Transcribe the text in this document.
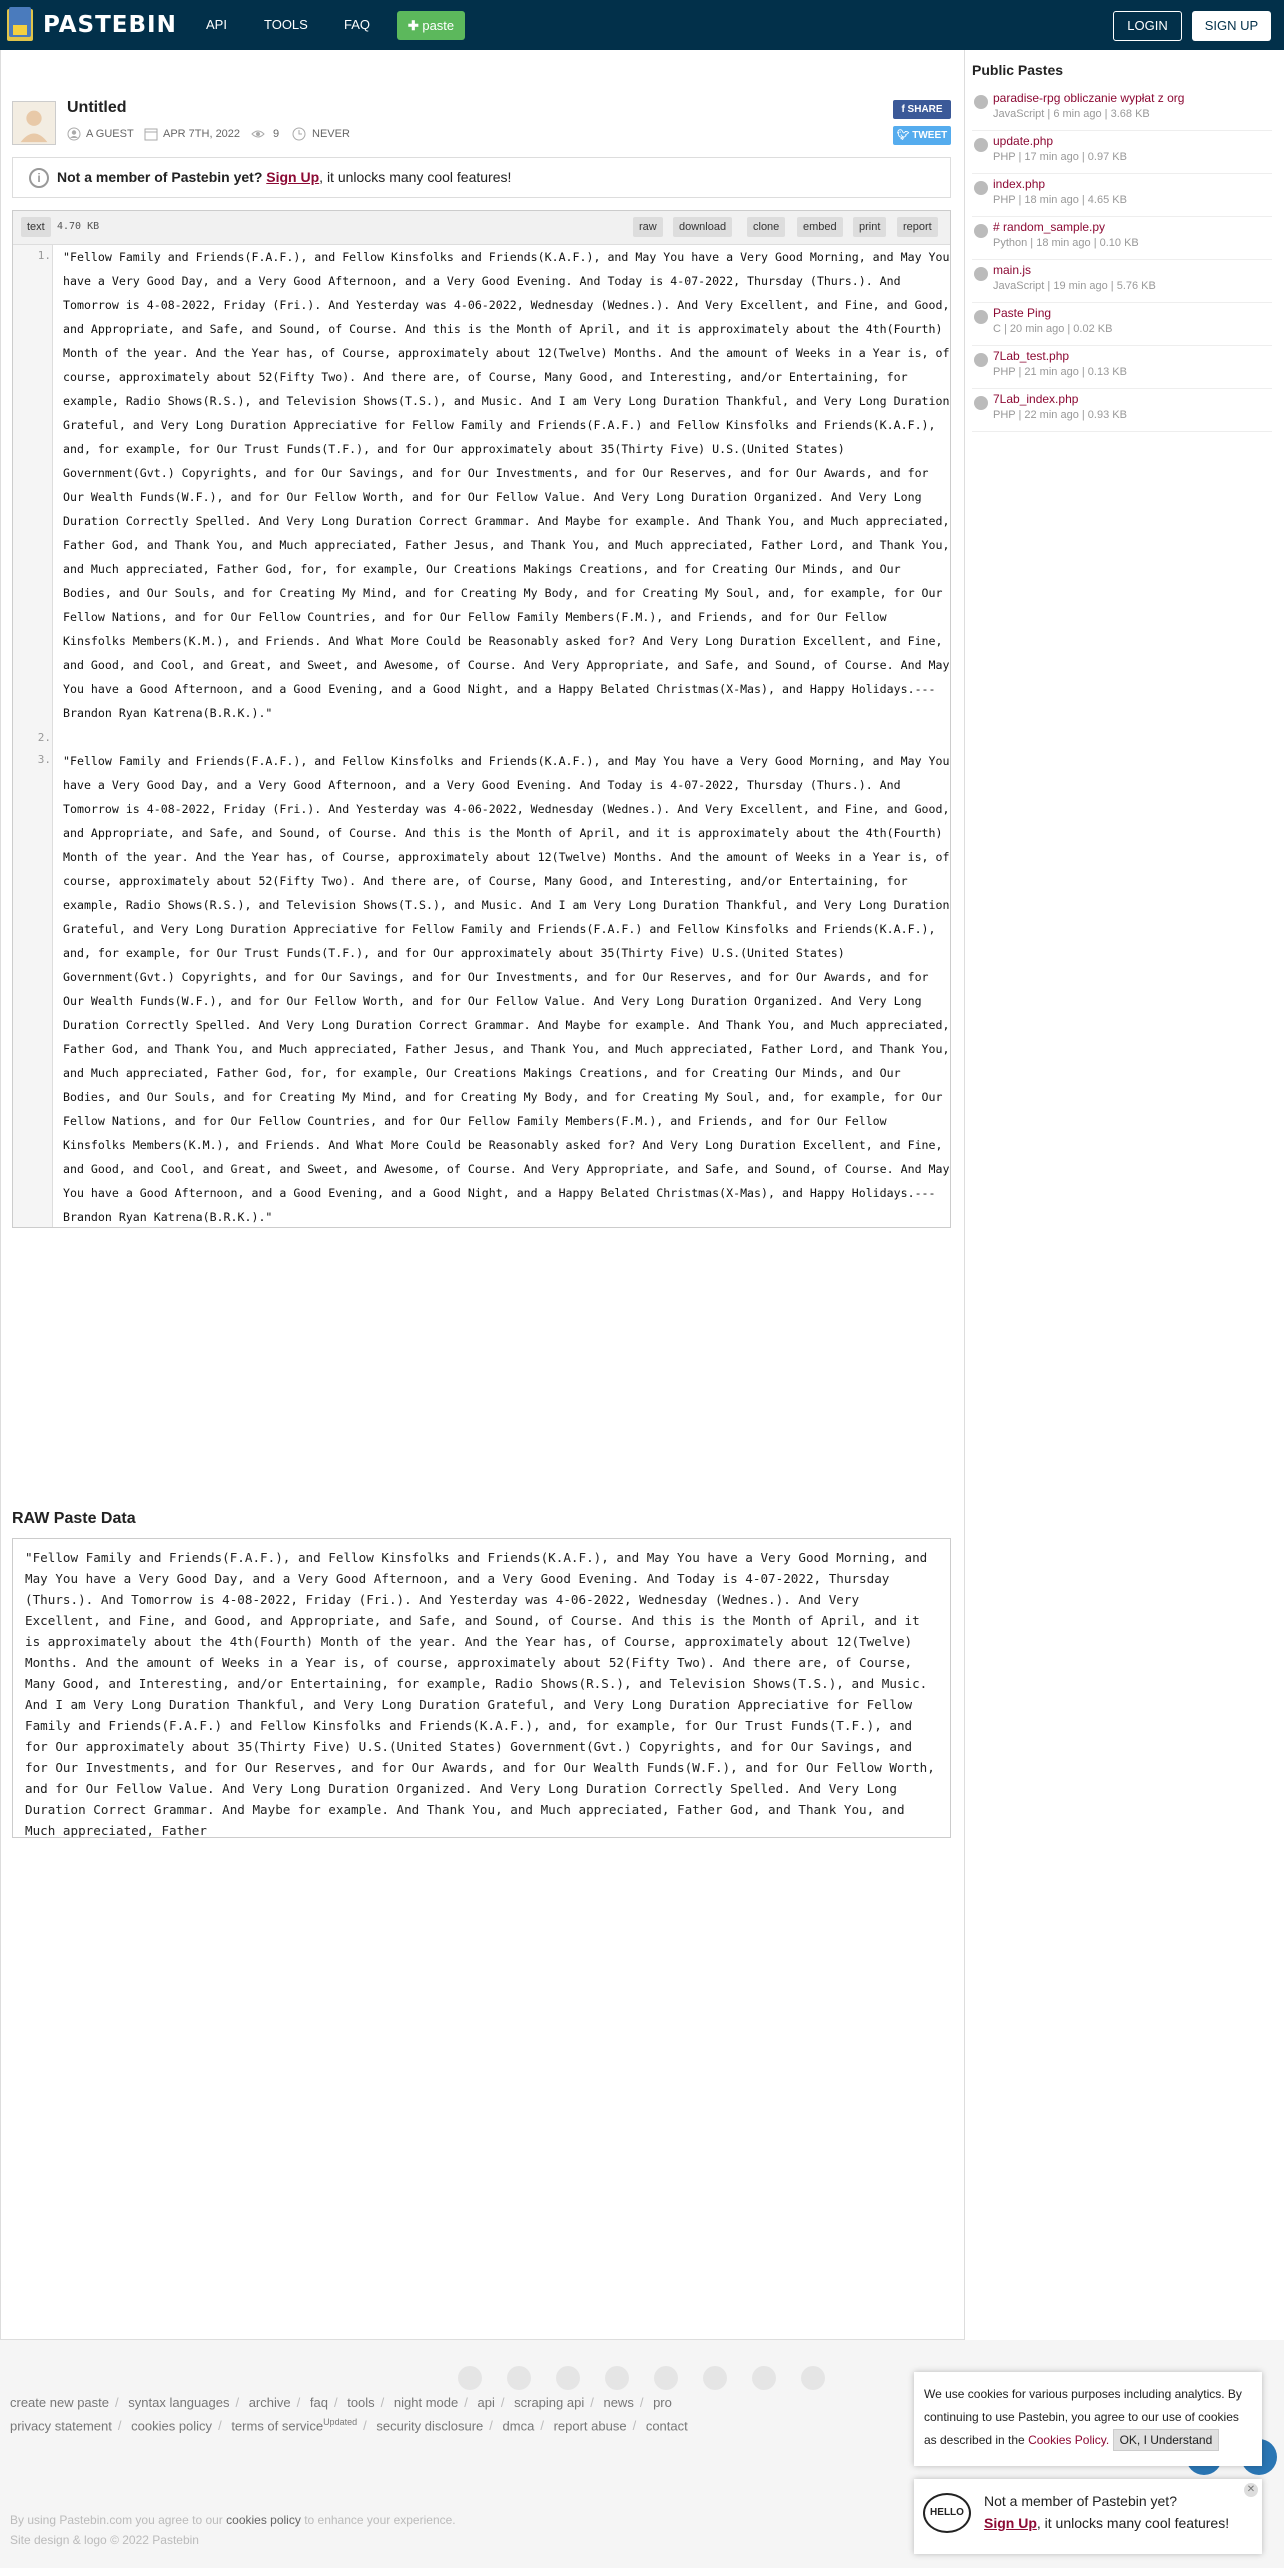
PASTEBIN API	TOOLS	FAQ	✚ paste	LOGIN	SIGN UP
Untitled
A GUEST	APR 7TH, 2022	9	NEVER
f SHARE
🐦︎ TWEET
i	Not a member of Pastebin yet? Sign Up, it unlocks many cool features!
text	4.70 KB	raw	download	clone	embed	print	report
1.
2.
3.
"Fellow Family and Friends(F.A.F.), and Fellow Kinsfolks and Friends(K.A.F.), and May You have a Very Good Morning, and May You have a Very Good Day, and a Very Good Afternoon, and a Very Good Evening. And Today is 4-07-2022, Thursday (Thurs.). And Tomorrow is 4-08-2022, Friday (Fri.). And Yesterday was 4-06-2022, Wednesday (Wednes.). And Very Excellent, and Fine, and Good, and Appropriate, and Safe, and Sound, of Course. And this is the Month of April, and it is approximately about the 4th(Fourth) Month of the year. And the Year has, of Course, approximately about 12(Twelve) Months. And the amount of Weeks in a Year is, of course, approximately about 52(Fifty Two). And there are, of Course, Many Good, and Interesting, and/or Entertaining, for example, Radio Shows(R.S.), and Television Shows(T.S.), and Music. And I am Very Long Duration Thankful, and Very Long Duration Grateful, and Very Long Duration Appreciative for Fellow Family and Friends(F.A.F.) and Fellow Kinsfolks and Friends(K.A.F.), and, for example, for Our Trust Funds(T.F.), and for Our approximately about 35(Thirty Five) U.S.(United States) Government(Gvt.) Copyrights, and for Our Savings, and for Our Investments, and for Our Reserves, and for Our Awards, and for Our Wealth Funds(W.F.), and for Our Fellow Worth, and for Our Fellow Value. And Very Long Duration Organized. And Very Long Duration Correctly Spelled. And Very Long Duration Correct Grammar. And Maybe for example. And Thank You, and Much appreciated, Father God, and Thank You, and Much appreciated, Father Jesus, and Thank You, and Much appreciated, Father Lord, and Thank You, and Much appreciated, Father God, for, for example, Our Creations Makings Creations, and for Creating Our Minds, and Our Bodies, and Our Souls, and for Creating My Mind, and for Creating My Body, and for Creating My Soul, and, for example, for Our Fellow Nations, and for Our Fellow Countries, and for Our Fellow Family Members(F.M.), and Friends, and for Our Fellow Kinsfolks Members(K.M.), and Friends. And What More Could be Reasonably asked for? And Very Long Duration Excellent, and Fine, and Good, and Cool, and Great, and Sweet, and Awesome, of Course. And Very Appropriate, and Safe, and Sound, of Course. And May You have a Good Afternoon, and a Good Evening, and a Good Night, and a Happy Belated Christmas(X-Mas), and Happy Holidays.---Brandon Ryan Katrena(B.R.K.)."
"Fellow Family and Friends(F.A.F.), and Fellow Kinsfolks and Friends(K.A.F.), and May You have a Very Good Morning, and May You have a Very Good Day, and a Very Good Afternoon, and a Very Good Evening. And Today is 4-07-2022, Thursday (Thurs.). And Tomorrow is 4-08-2022, Friday (Fri.). And Yesterday was 4-06-2022, Wednesday (Wednes.). And Very Excellent, and Fine, and Good, and Appropriate, and Safe, and Sound, of Course. And this is the Month of April, and it is approximately about the 4th(Fourth) Month of the year. And the Year has, of Course, approximately about 12(Twelve) Months. And the amount of Weeks in a Year is, of course, approximately about 52(Fifty Two). And there are, of Course, Many Good, and Interesting, and/or Entertaining, for example, Radio Shows(R.S.), and Television Shows(T.S.), and Music. And I am Very Long Duration Thankful, and Very Long Duration Grateful, and Very Long Duration Appreciative for Fellow Family and Friends(F.A.F.) and Fellow Kinsfolks and Friends(K.A.F.), and, for example, for Our Trust Funds(T.F.), and for Our approximately about 35(Thirty Five) U.S.(United States) Government(Gvt.) Copyrights, and for Our Savings, and for Our Investments, and for Our Reserves, and for Our Awards, and for Our Wealth Funds(W.F.), and for Our Fellow Worth, and for Our Fellow Value. And Very Long Duration Organized. And Very Long Duration Correctly Spelled. And Very Long Duration Correct Grammar. And Maybe for example. And Thank You, and Much appreciated, Father God, and Thank You, and Much appreciated, Father Jesus, and Thank You, and Much appreciated, Father Lord, and Thank You, and Much appreciated, Father God, for, for example, Our Creations Makings Creations, and for Creating Our Minds, and Our Bodies, and Our Souls, and for Creating My Mind, and for Creating My Body, and for Creating My Soul, and, for example, for Our Fellow Nations, and for Our Fellow Countries, and for Our Fellow Family Members(F.M.), and Friends, and for Our Fellow Kinsfolks Members(K.M.), and Friends. And What More Could be Reasonably asked for? And Very Long Duration Excellent, and Fine, and Good, and Cool, and Great, and Sweet, and Awesome, of Course. And Very Appropriate, and Safe, and Sound, of Course. And May You have a Good Afternoon, and a Good Evening, and a Good Night, and a Happy Belated Christmas(X-Mas), and Happy Holidays.---Brandon Ryan Katrena(B.R.K.)."
RAW Paste Data
"Fellow Family and Friends(F.A.F.), and Fellow Kinsfolks and Friends(K.A.F.), and May You have a Very Good Morning, and May You have a Very Good Day, and a Very Good Afternoon, and a Very Good Evening. And Today is 4-07-2022, Thursday (Thurs.). And Tomorrow is 4-08-2022, Friday (Fri.). And Yesterday was 4-06-2022, Wednesday (Wednes.). And Very Excellent, and Fine, and Good, and Appropriate, and Safe, and Sound, of Course. And this is the Month of April, and it is approximately about the 4th(Fourth) Month of the year. And the Year has, of Course, approximately about 12(Twelve) Months. And the amount of Weeks in a Year is, of course, approximately about 52(Fifty Two). And there are, of Course, Many Good, and Interesting, and/or Entertaining, for example, Radio Shows(R.S.), and Television Shows(T.S.), and Music. And I am Very Long Duration Thankful, and Very Long Duration Grateful, and Very Long Duration Appreciative for Fellow Family and Friends(F.A.F.) and Fellow Kinsfolks and Friends(K.A.F.), and, for example, for Our Trust Funds(T.F.), and for Our approximately about 35(Thirty Five) U.S.(United States) Government(Gvt.) Copyrights, and for Our Savings, and for Our Investments, and for Our Reserves, and for Our Awards, and for Our Wealth Funds(W.F.), and for Our Fellow Worth, and for Our Fellow Value. And Very Long Duration Organized. And Very Long Duration Correctly Spelled. And Very Long Duration Correct Grammar. And Maybe for example. And Thank You, and Much appreciated, Father God, and Thank You, and Much appreciated, Father
Public Pastes
paradise-rpg obliczanie wypłat z org
JavaScript | 6 min ago | 3.68 KB
update.php
PHP | 17 min ago | 0.97 KB
index.php
PHP | 18 min ago | 4.65 KB
# random_sample.py
Python | 18 min ago | 0.10 KB
main.js
JavaScript | 19 min ago | 5.76 KB
Paste Ping
C | 20 min ago | 0.02 KB
7Lab_test.php
PHP | 21 min ago | 0.13 KB
7Lab_index.php
PHP | 22 min ago | 0.93 KB
create new paste / syntax languages / archive / faq / tools / night mode / api / scraping api / news / pro
privacy statement / cookies policy / terms of service$^{Updated}$ / security disclosure / dmca / report abuse / contact
By using Pastebin.com you agree to our cookies policy to enhance your experience.
Site design & logo © 2022 Pastebin
We use cookies for various purposes including analytics. By continuing to use Pastebin, you agree to our use of cookies as described in the Cookies Policy. OK, I Understand
HELLO
Not a member of Pastebin yet?
Sign Up, it unlocks many cool features!
✕
